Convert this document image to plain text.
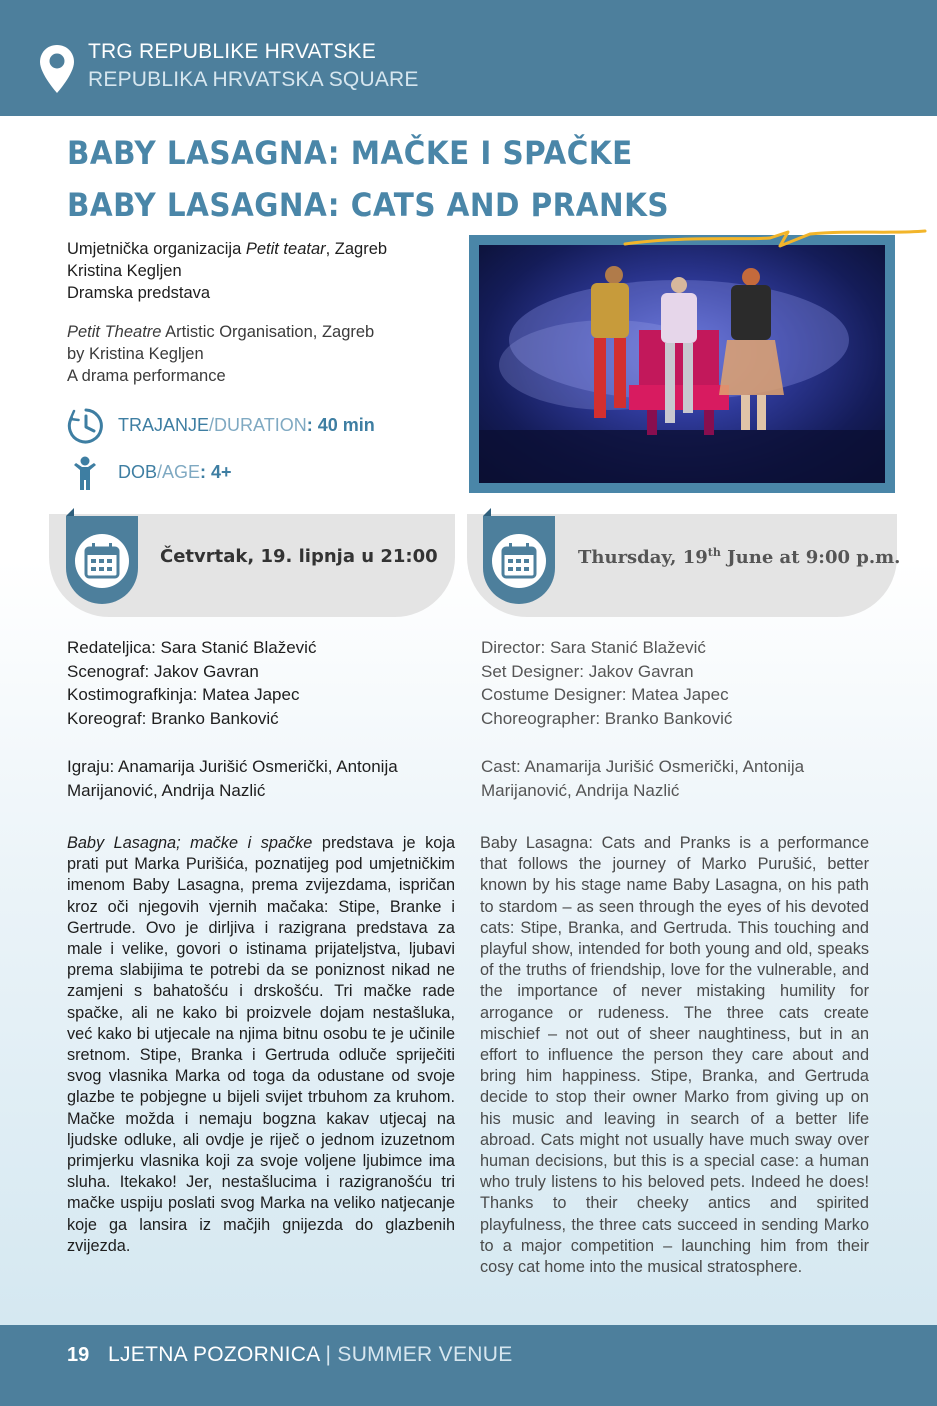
TRG REPUBLIKE HRVATSKE
REPUBLIKA HRVATSKA SQUARE
BABY LASAGNA: MAČKE I SPAČKE
BABY LASAGNA: CATS AND PRANKS
Umjetnička organizacija Petit teatar, Zagreb
Kristina Kegljen
Dramska predstava
Petit Theatre Artistic Organisation, Zagreb
by Kristina Kegljen
A drama performance
TRAJANJE/DURATION: 40 min
DOB/AGE: 4+
Četvrtak, 19. lipnja u 21:00	Thursday, 19th June at 9:00 p.m.
Redateljica: Sara Stanić Blažević
Scenograf: Jakov Gavran
Kostimografkinja: Matea Japec
Koreograf: Branko Banković
Director: Sara Stanić Blažević
Set Designer: Jakov Gavran
Costume Designer: Matea Japec
Choreographer: Branko Banković
Igraju: Anamarija Jurišić Osmerički, Antonija Marijanović, Andrija Nazlić
Cast: Anamarija Jurišić Osmerički, Antonija Marijanović, Andrija Nazlić
Baby Lasagna; mačke i spačke predstava je koja prati put Marka Purišića, poznatijeg pod umjetničkim imenom Baby Lasagna, prema zvijezdama, ispričan kroz oči njegovih vjernih mačaka: Stipe, Branke i Gertrude. Ovo je dirljiva i razigrana predstava za male i velike, govori o istinama prijateljstva, ljubavi prema slabijima te potrebi da se poniznost nikad ne zamjeni s bahatošću i drskošću. Tri mačke rade spačke, ali ne kako bi proizvele dojam nestašluka, već kako bi utjecale na njima bitnu osobu te je učinile sretnom. Stipe, Branka i Gertruda odluče spriječiti svog vlasnika Marka od toga da odustane od svoje glazbe te pobjegne u bijeli svijet trbuhom za kruhom. Mačke možda i nemaju bogzna kakav utjecaj na ljudske odluke, ali ovdje je riječ o jednom izuzetnom primjerku vlasnika koji za svoje voljene ljubimce ima sluha. Itekako! Jer, nestašlucima i razigranošću tri mačke uspiju poslati svog Marka na veliko natjecanje koje ga lansira iz mačjih gnijezda do glazbenih zvijezda.
Baby Lasagna: Cats and Pranks is a performance that follows the journey of Marko Purušić, better known by his stage name Baby Lasagna, on his path to stardom – as seen through the eyes of his devoted cats: Stipe, Branka, and Gertruda. This touching and playful show, intended for both young and old, speaks of the truths of friendship, love for the vulnerable, and the importance of never mistaking humility for arrogance or rudeness. The three cats create mischief – not out of sheer naughtiness, but in an effort to influence the person they care about and bring him happiness. Stipe, Branka, and Gertruda decide to stop their owner Marko from giving up on his music and leaving in search of a better life abroad. Cats might not usually have much sway over human decisions, but this is a special case: a human who truly listens to his beloved pets. Indeed he does! Thanks to their cheeky antics and spirited playfulness, the three cats succeed in sending Marko to a major competition – launching him from their cosy cat home into the musical stratosphere.
19 LJETNA POZORNICA | SUMMER VENUE
